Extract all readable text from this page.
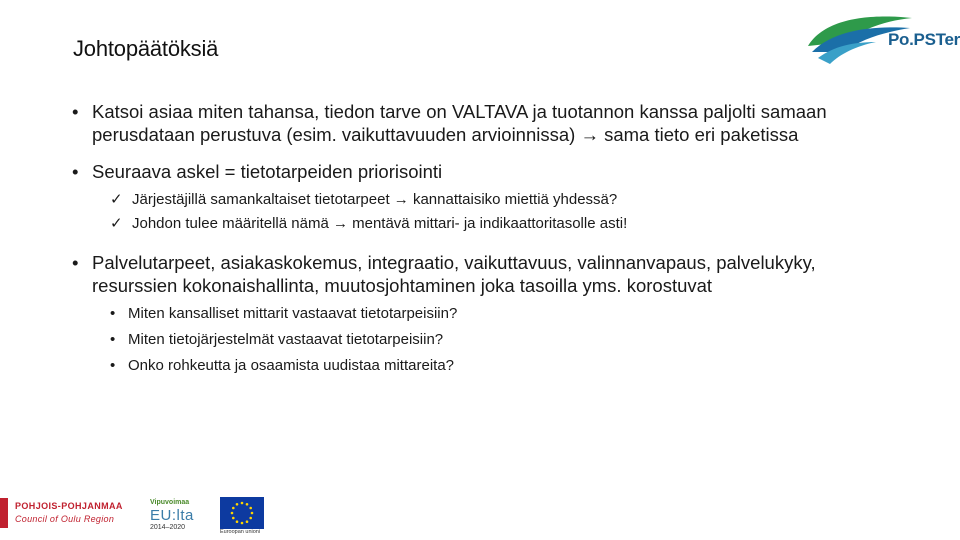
Johtopäätöksiä	Po.PSTer
• Katsoi asiaa miten tahansa, tiedon tarve on VALTAVA ja tuotannon kanssa paljolti samaan perusdataan perustuva (esim. vaikuttavuuden arvioinnissa) → sama tieto eri paketissa
• Seuraava askel = tietotarpeiden priorisointi
✓ Järjestäjillä samankaltaiset tietotarpeet → kannattaisiko miettiä yhdessä?
✓ Johdon tulee määritellä nämä → mentävä mittari- ja indikaattoritasolle asti!
• Palvelutarpeet, asiakaskokemus, integraatio, vaikuttavuus, valinnanvapaus, palvelukyky, resurssien kokonaishallinta, muutosjohtaminen joka tasoilla yms. korostuvat
• Miten kansalliset mittarit vastaavat tietotarpeisiin?
• Miten tietojärjestelmät vastaavat tietotarpeisiin?
• Onko rohkeutta ja osaamista uudistaa mittareita?
POHJOIS-POHJANMAA
Council of Oulu Region
Vipuvoimaa
EU:lta
2014–2020
Euroopan unioni
